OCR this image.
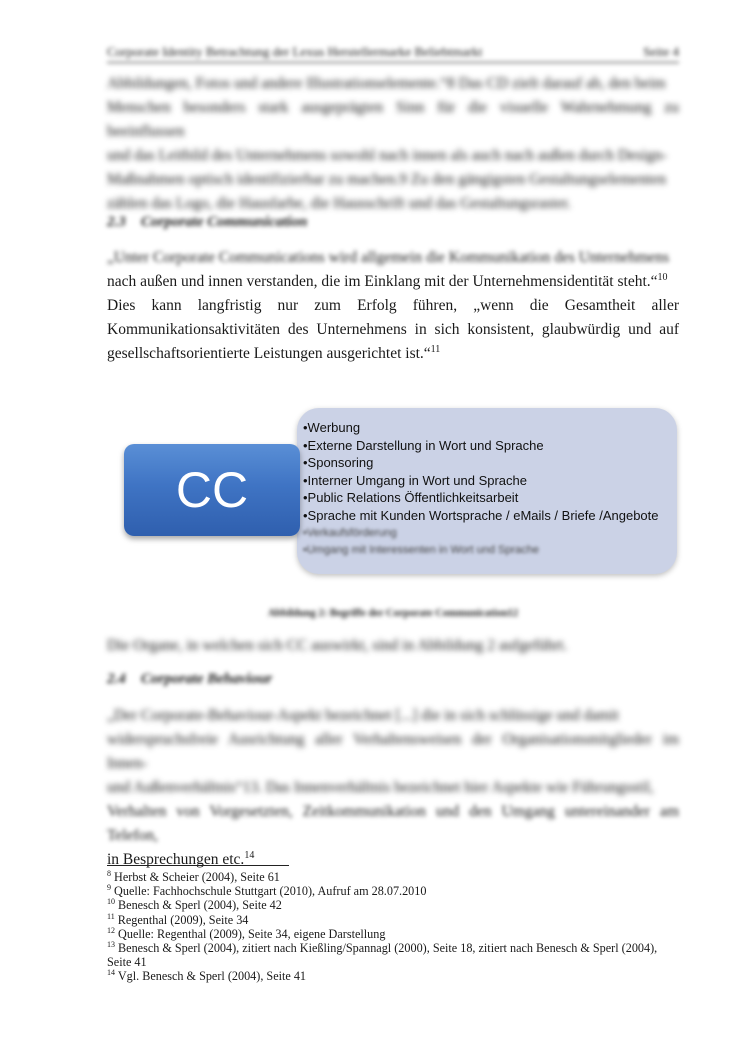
Corporate Identity Betrachtung der Lexus Herstellermarke Beliebtmarkt	Seite 4
Abbildungen, Fotos und andere Illustrationselemente.“8 Das CD zielt darauf ab, den beim
Menschen besonders stark ausgeprägten Sinn für die visuelle Wahrnehmung zu beeinflussen
und das Leitbild des Unternehmens sowohl nach innen als auch nach außen durch Design-
Maßnahmen optisch identifizierbar zu machen.9 Zu den gängigsten Gestaltungselementen
zählen das Logo, die Hausfarbe, die Hausschrift und das Gestaltungsraster.
2.3 Corporate Communication
„Unter Corporate Communications wird allgemein die Kommunikation des Unternehmens
nach außen und innen verstanden, die im Einklang mit der Unternehmensidentität steht.“$^{10}$
Dies kann langfristig nur zum Erfolg führen, „wenn die Gesamtheit aller
Kommunikationsaktivitäten des Unternehmens in sich konsistent, glaubwürdig und auf
gesellschaftsorientierte Leistungen ausgerichtet ist.“$^{11}$
•Werbung
•Externe Darstellung in Wort und Sprache
•Sponsoring
•Interner Umgang in Wort und Sprache
•Public Relations Öffentlichkeitsarbeit
•Sprache mit Kunden Wortsprache / eMails / Briefe /Angebote
•Verkaufsförderung
•Umgang mit Interessenten in Wort und Sprache
CC
Abbildung 2: Begriffe der Corporate Communication12
Die Organe, in welchen sich CC auswirkt, sind in Abbildung 2 aufgeführt.
2.4 Corporate Behaviour
„Der Corporate-Behaviour-Aspekt bezeichnet [...] die in sich schlüssige und damit
widerspruchsfreie Ausrichtung aller Verhaltensweisen der Organisationsmitglieder im Innen-
und Außenverhältnis“13. Das Innenverhältnis bezeichnet hier Aspekte wie Führungsstil,
Verhalten von Vorgesetzten, Zeitkommunikation und den Umgang untereinander am Telefon,
in Besprechungen etc.$^{14}$
$^8$ Herbst & Scheier (2004), Seite 61
$^9$ Quelle: Fachhochschule Stuttgart (2010), Aufruf am 28.07.2010
$^{10}$ Benesch & Sperl (2004), Seite 42
$^{11}$ Regenthal (2009), Seite 34
$^{12}$ Quelle: Regenthal (2009), Seite 34, eigene Darstellung
$^{13}$ Benesch & Sperl (2004), zitiert nach Kießling/Spannagl (2000), Seite 18, zitiert nach Benesch & Sperl (2004), Seite 41
$^{14}$ Vgl. Benesch & Sperl (2004), Seite 41
